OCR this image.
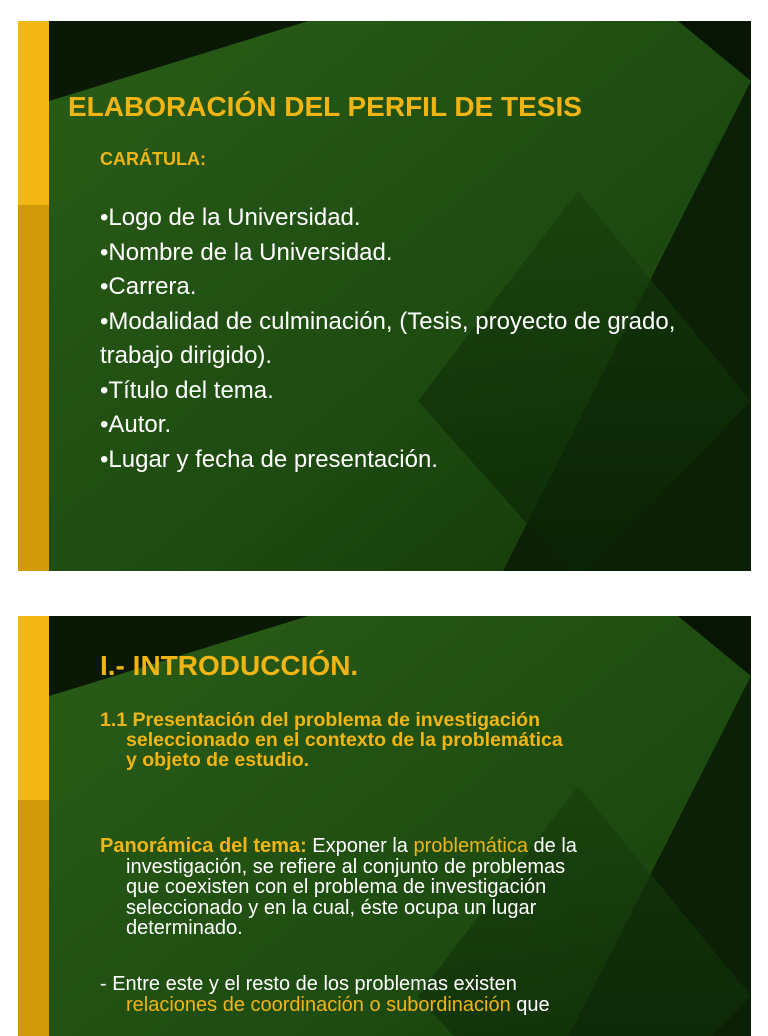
ELABORACIÓN DEL PERFIL DE TESIS
CARÁTULA:
•Logo de la Universidad.
•Nombre de la Universidad.
•Carrera.
•Modalidad de culminación, (Tesis, proyecto de grado, trabajo dirigido).
•Título del tema.
•Autor.
•Lugar y fecha de presentación.
I.- INTRODUCCIÓN.

1.1 Presentación del problema de investigación
seleccionado en el contexto de la problemática
y objeto de estudio.

Panorámica del tema: Exponer la problemática de la
investigación, se refiere al conjunto de problemas
que coexisten con el problema de investigación
seleccionado y en la cual, éste ocupa un lugar
determinado.

- Entre este y el resto de los problemas existen
relaciones de coordinación o subordinación que
